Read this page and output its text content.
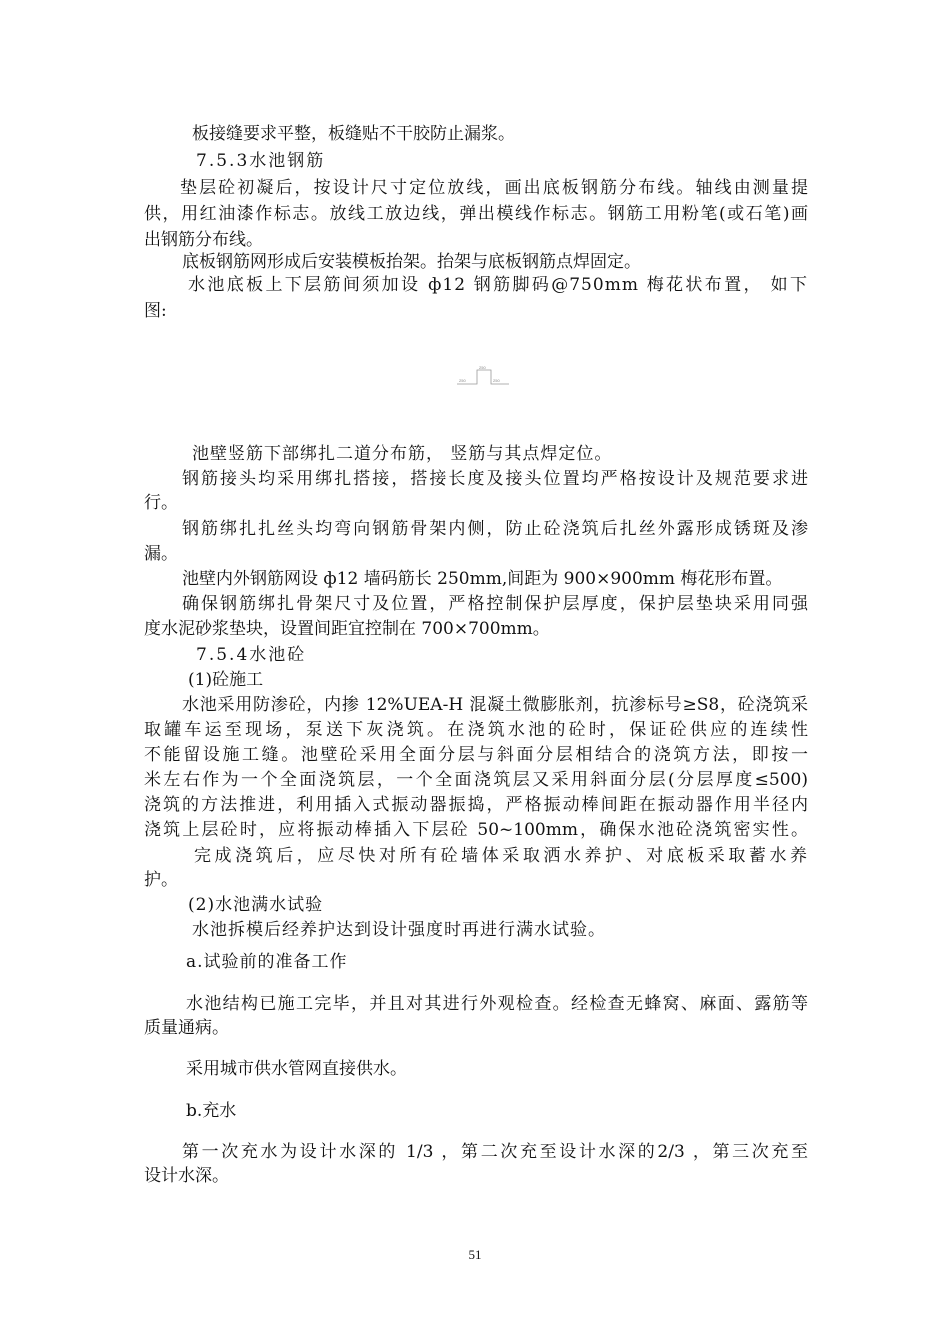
板接缝要求平整，板缝贴不干胶防止漏浆。
7.5.3水池钢筋
垫层砼初凝后，按设计尺寸定位放线，画出底板钢筋分布线。轴线由测量提
供，用红油漆作标志。放线工放边线，弹出模线作标志。钢筋工用粉笔(或石笔)画
出钢筋分布线。
底板钢筋网形成后安装模板抬架。抬架与底板钢筋点焊固定。
水池底板上下层筋间须加设 ф12 钢筋脚码@750mm 梅花状布置， 如下
图:
250
250
250
池壁竖筋下部绑扎二道分布筋， 竖筋与其点焊定位。
钢筋接头均采用绑扎搭接，搭接长度及接头位置均严格按设计及规范要求进
行。
钢筋绑扎扎丝头均弯向钢筋骨架内侧，防止砼浇筑后扎丝外露形成锈斑及渗
漏。
池壁内外钢筋网设 ф12 墙码筋长 250mm,间距为 900×900mm 梅花形布置。
确保钢筋绑扎骨架尺寸及位置，严格控制保护层厚度，保护层垫块采用同强
度水泥砂浆垫块，设置间距宜控制在 700×700mm。
7.5.4水池砼
(1)砼施工
水池采用防渗砼，内掺 12%UEA-H 混凝土微膨胀剂，抗渗标号≥S8，砼浇筑采
取罐车运至现场，泵送下灰浇筑。在浇筑水池的砼时，保证砼供应的连续性
不能留设施工缝。池壁砼采用全面分层与斜面分层相结合的浇筑方法，即按一
米左右作为一个全面浇筑层，一个全面浇筑层又采用斜面分层(分层厚度≤500)
浇筑的方法推进，利用插入式振动器振捣，严格振动棒间距在振动器作用半径内
浇筑上层砼时，应将振动棒插入下层砼 50~100mm，确保水池砼浇筑密实性。
完成浇筑后，应尽快对所有砼墙体采取洒水养护、对底板采取蓄水养
护。
(2)水池满水试验
水池拆模后经养护达到设计强度时再进行满水试验。
a.试验前的准备工作
水池结构已施工完毕，并且对其进行外观检查。经检查无蜂窝、麻面、露筋等
质量通病。
采用城市供水管网直接供水。
b.充水
第一次充水为设计水深的 1/3 ，第二次充至设计水深的2/3 ，第三次充至
设计水深。
51
